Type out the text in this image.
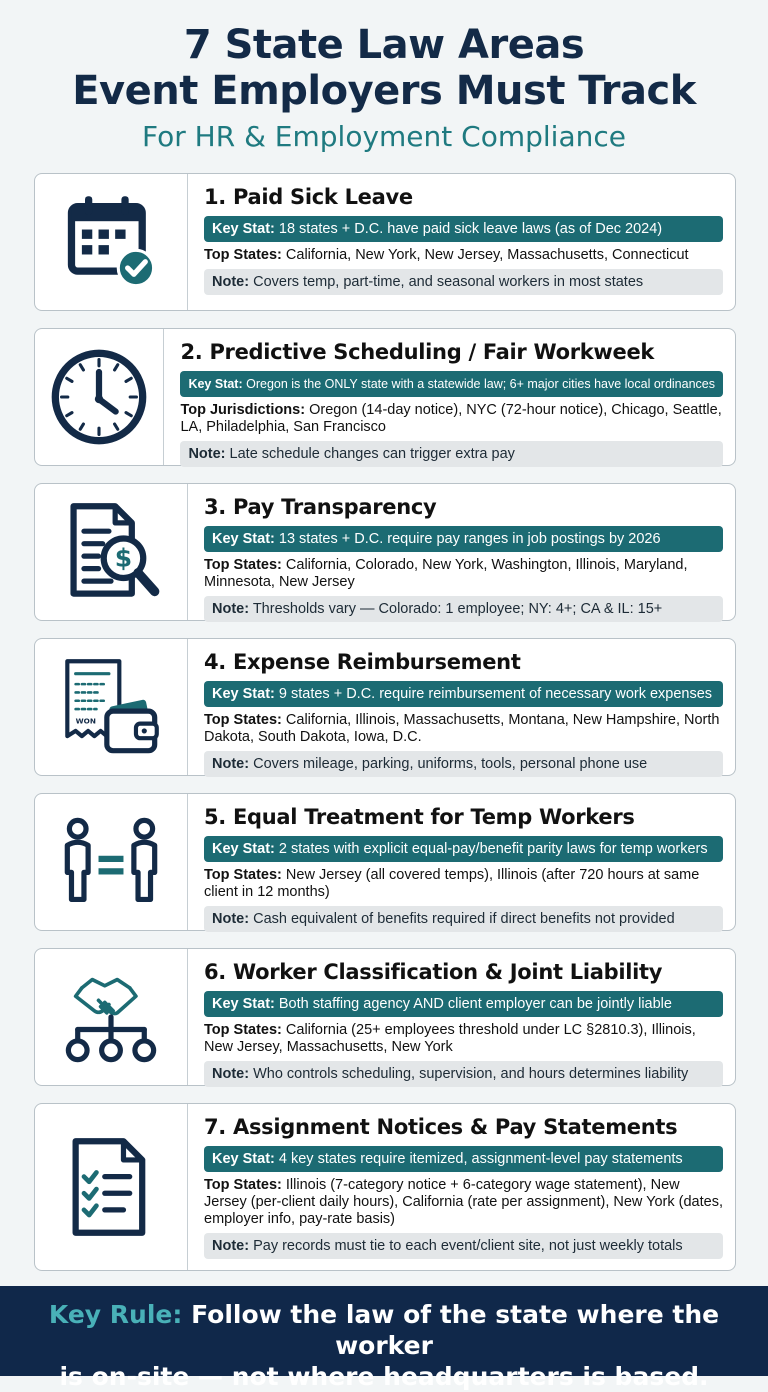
7 State Law Areas
Event Employers Must Track
For HR & Employment Compliance
1. Paid Sick Leave
Key Stat: 18 states + D.C. have paid sick leave laws (as of Dec 2024)
Top States: California, New York, New Jersey, Massachusetts, Connecticut
Note: Covers temp, part-time, and seasonal workers in most states
2. Predictive Scheduling / Fair Workweek
Key Stat: Oregon is the ONLY state with a statewide law; 6+ major cities have local ordinances
Top Jurisdictions: Oregon (14-day notice), NYC (72-hour notice), Chicago, Seattle, LA, Philadelphia, San Francisco
Note: Late schedule changes can trigger extra pay
$
3. Pay Transparency
Key Stat: 13 states + D.C. require pay ranges in job postings by 2026
Top States: California, Colorado, New York, Washington, Illinois, Maryland, Minnesota, New Jersey
Note: Thresholds vary — Colorado: 1 employee; NY: 4+; CA & IL: 15+
WON
4. Expense Reimbursement
Key Stat: 9 states + D.C. require reimbursement of necessary work expenses
Top States: California, Illinois, Massachusetts, Montana, New Hampshire, North Dakota, South Dakota, Iowa, D.C.
Note: Covers mileage, parking, uniforms, tools, personal phone use
5. Equal Treatment for Temp Workers
Key Stat: 2 states with explicit equal-pay/benefit parity laws for temp workers
Top States: New Jersey (all covered temps), Illinois (after 720 hours at same client in 12 months)
Note: Cash equivalent of benefits required if direct benefits not provided
6. Worker Classification & Joint Liability
Key Stat: Both staffing agency AND client employer can be jointly liable
Top States: California (25+ employees threshold under LC §2810.3), Illinois, New Jersey, Massachusetts, New York
Note: Who controls scheduling, supervision, and hours determines liability
7. Assignment Notices & Pay Statements
Key Stat: 4 key states require itemized, assignment-level pay statements
Top States: Illinois (7-category notice + 6-category wage statement), New Jersey (per-client daily hours), California (rate per assignment), New York (dates, employer info, pay-rate basis)
Note: Pay records must tie to each event/client site, not just weekly totals
Key Rule: Follow the law of the state where the worker
is on-site — not where headquarters is based.
